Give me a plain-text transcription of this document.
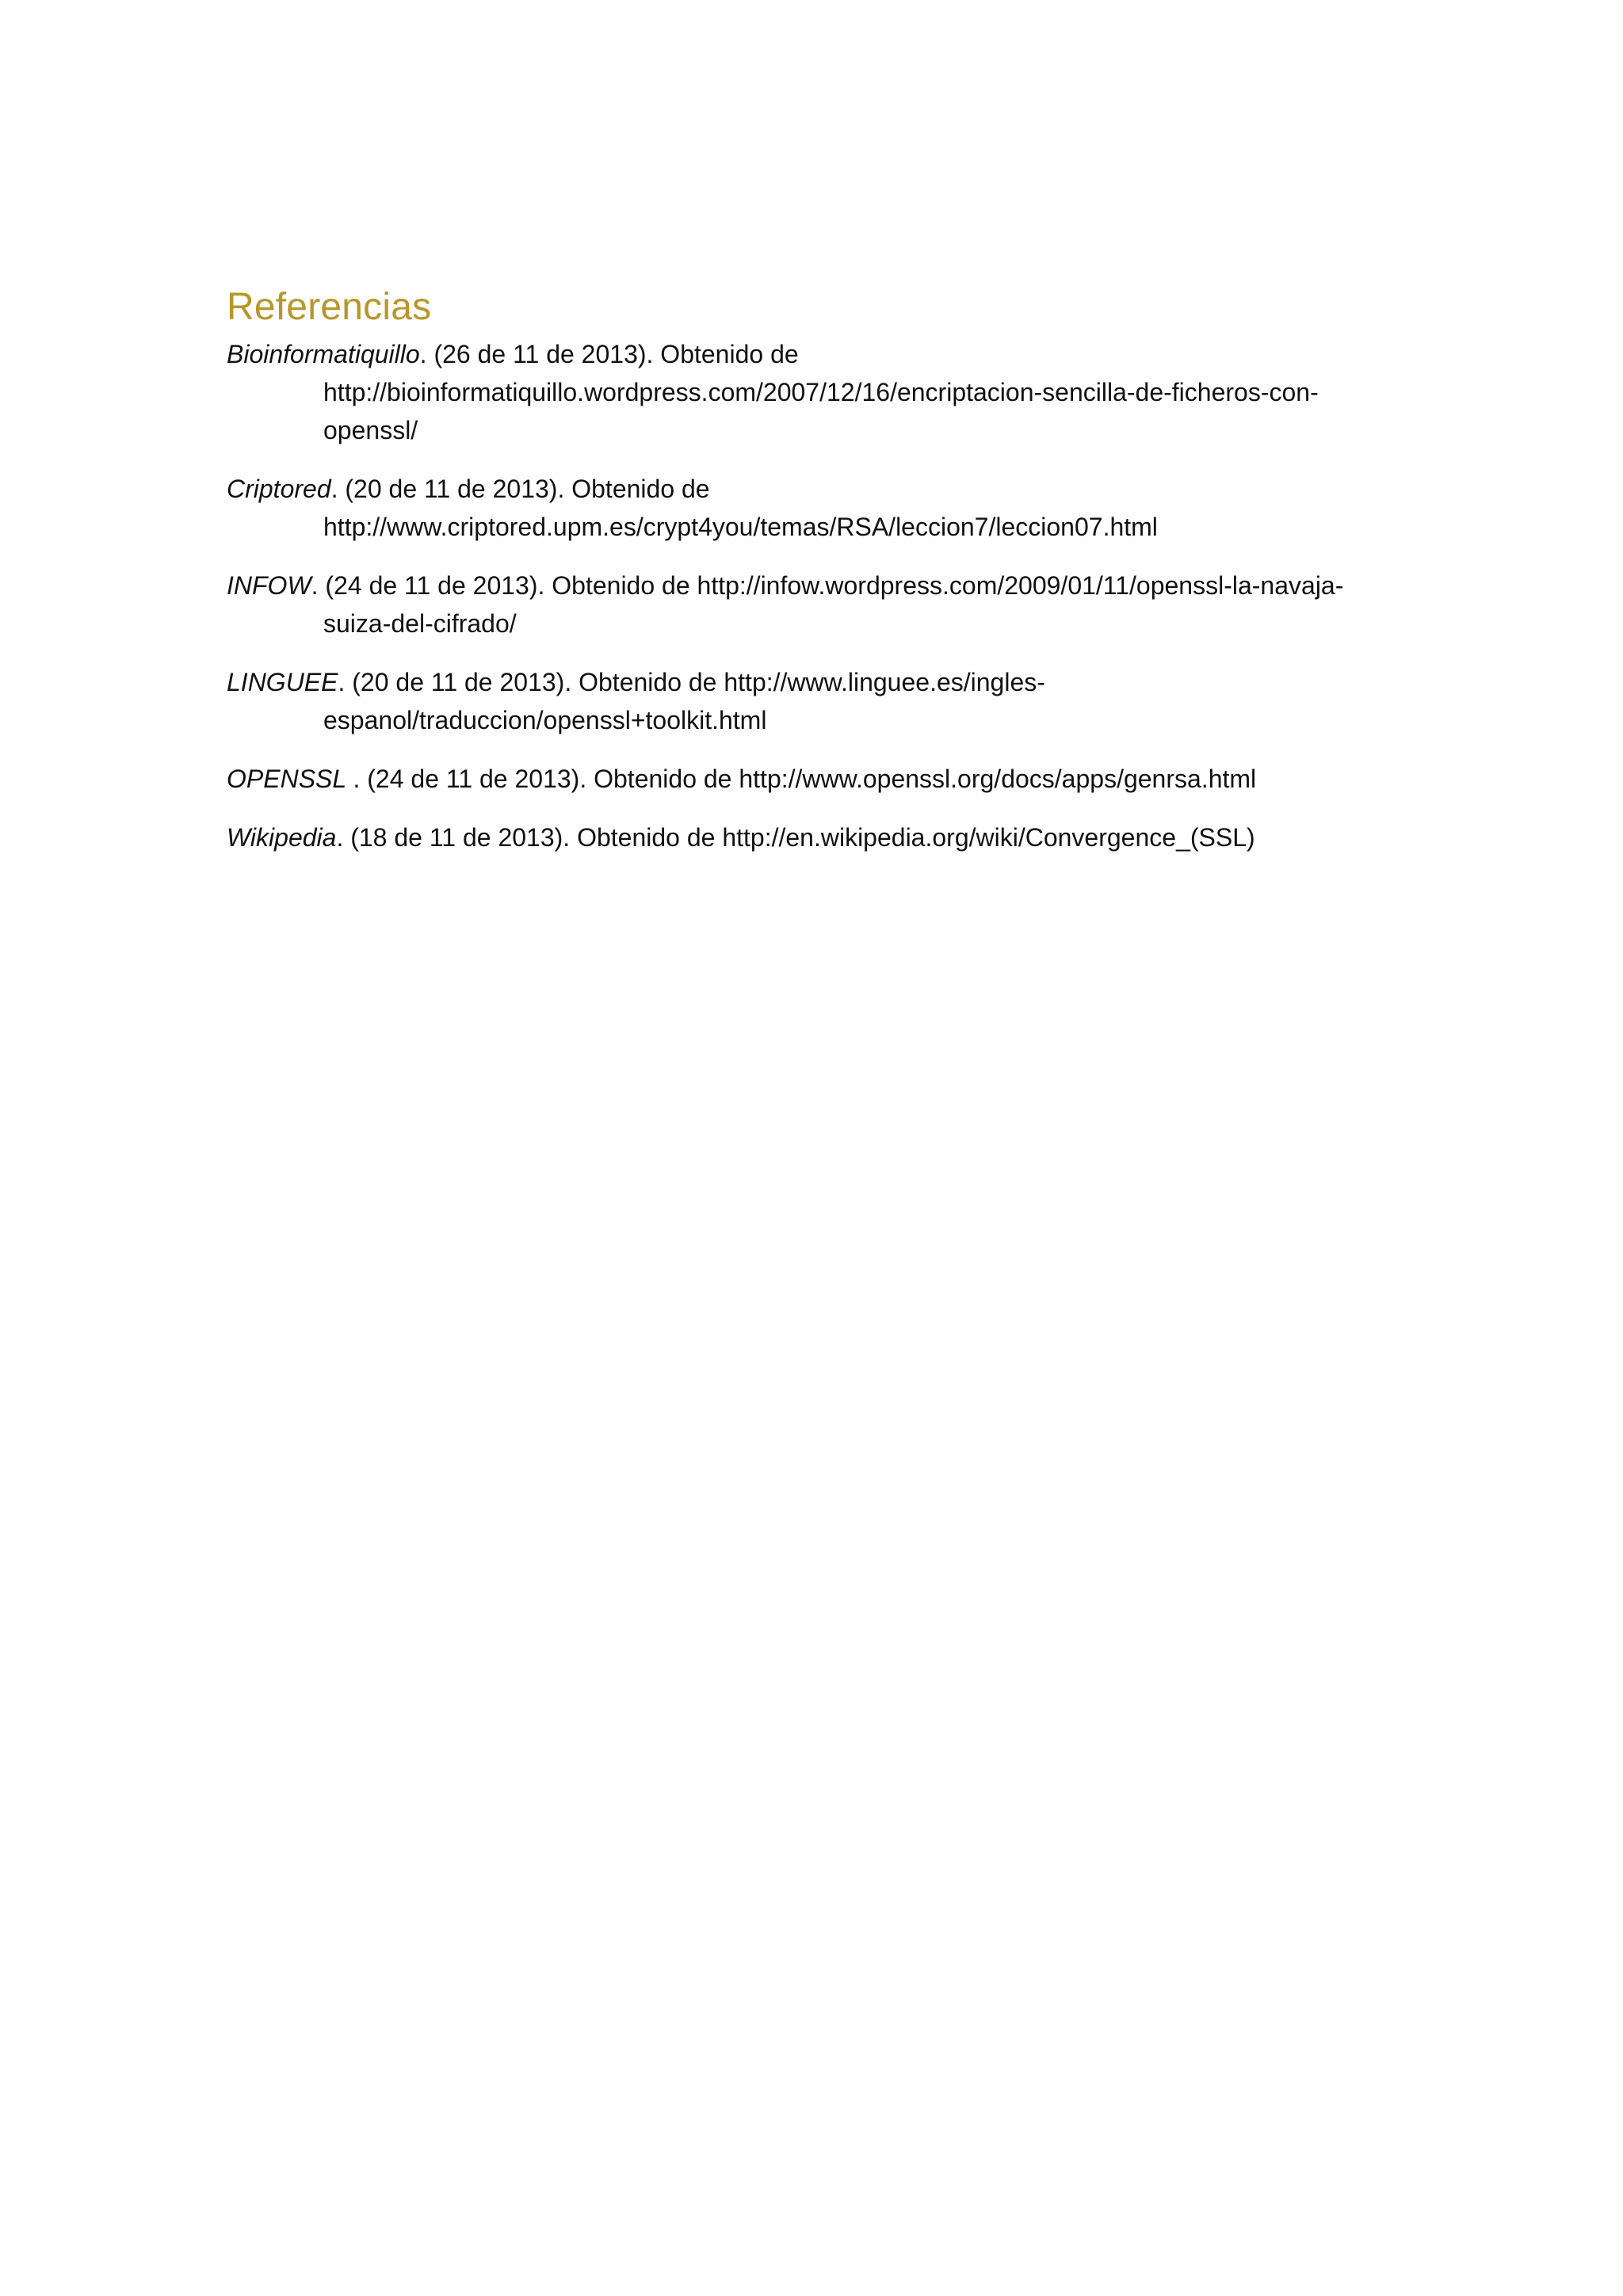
Referencias
Bioinformatiquillo. (26 de 11 de 2013). Obtenido de http://bioinformatiquillo.wordpress.com/2007/12/16/encriptacion-sencilla-de-ficheros-con-openssl/
Criptored. (20 de 11 de 2013). Obtenido de http://www.criptored.upm.es/crypt4you/temas/RSA/leccion7/leccion07.html
INFOW. (24 de 11 de 2013). Obtenido de http://infow.wordpress.com/2009/01/11/openssl-la-navaja-suiza-del-cifrado/
LINGUEE. (20 de 11 de 2013). Obtenido de http://www.linguee.es/ingles-espanol/traduccion/openssl+toolkit.html
OPENSSL . (24 de 11 de 2013). Obtenido de http://www.openssl.org/docs/apps/genrsa.html
Wikipedia. (18 de 11 de 2013). Obtenido de http://en.wikipedia.org/wiki/Convergence_(SSL)
